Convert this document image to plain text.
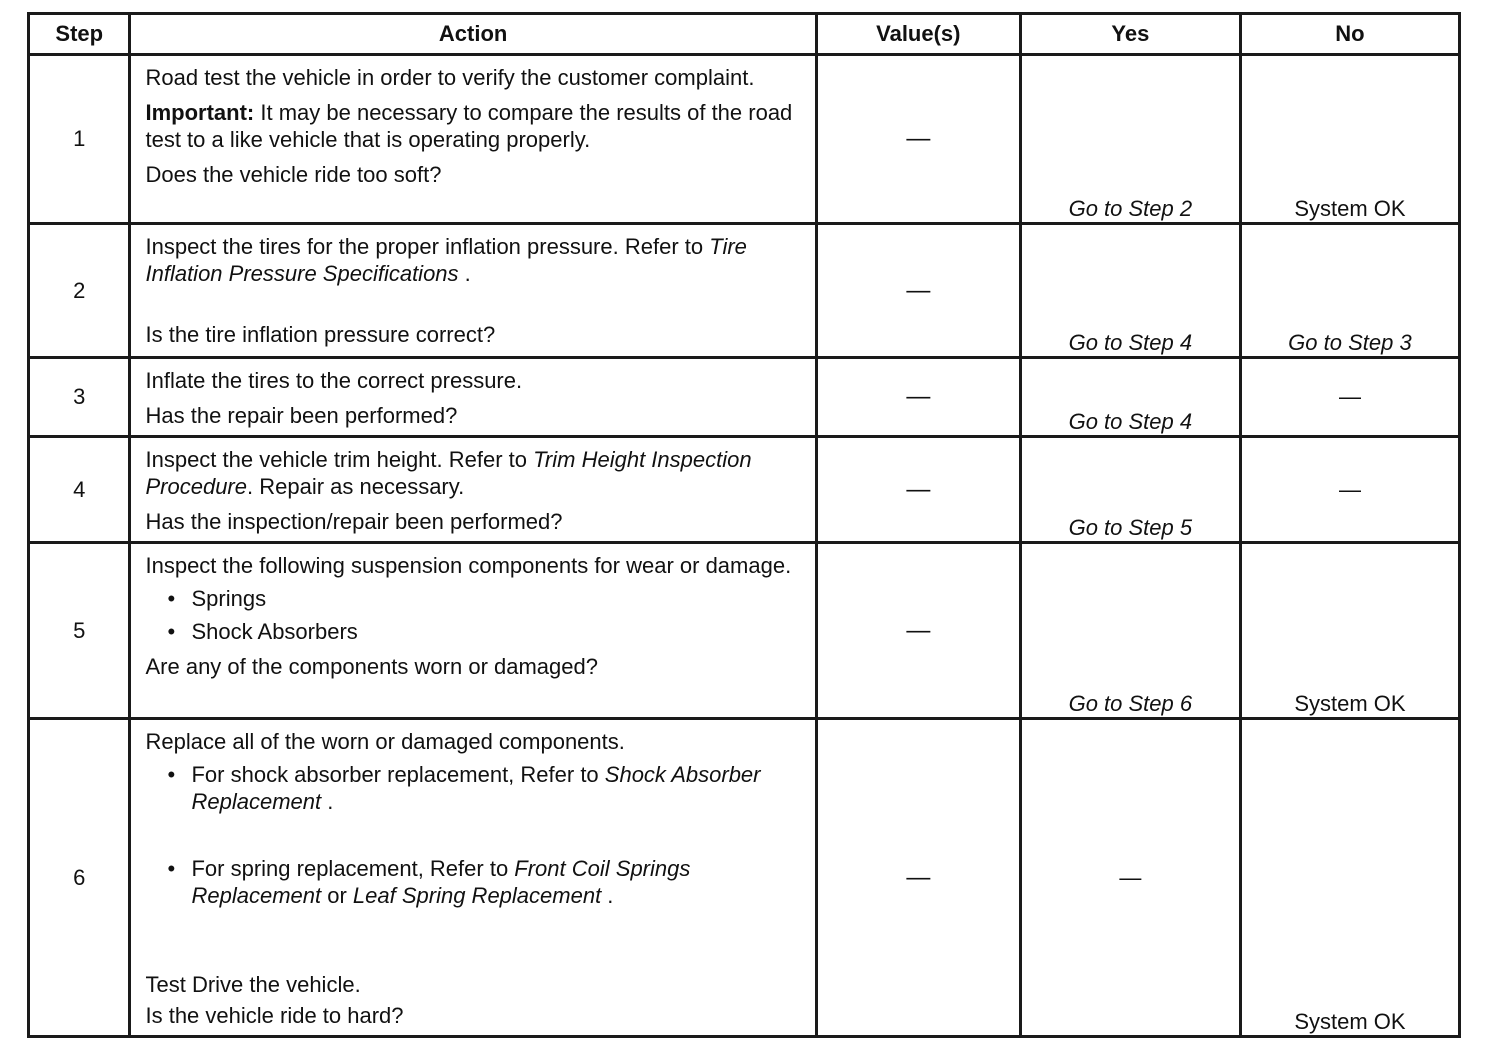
Step	Action	Value(s)	Yes	No
1	Road test the vehicle in order to verify the customer complaint.

Important: It may be necessary to compare the results of the road test to a like vehicle that is operating properly.

Does the vehicle ride too soft?	—	Go to Step 2	System OK
2	Inspect the tires for the proper inflation pressure. Refer to Tire Inflation Pressure Specifications .

Is the tire inflation pressure correct?	—	Go to Step 4	Go to Step 3
3	Inflate the tires to the correct pressure.

Has the repair been performed?	—	Go to Step 4	—
4	Inspect the vehicle trim height. Refer to Trim Height Inspection Procedure. Repair as necessary.

Has the inspection/repair been performed?	—	Go to Step 5	—
5	Inspect the following suspension components for wear or damage.

• Springs

• Shock Absorbers

Are any of the components worn or damaged?	—	Go to Step 6	System OK
6	Replace all of the worn or damaged components.

• For shock absorber replacement, Refer to Shock Absorber Replacement .

• For spring replacement, Refer to Front Coil Springs Replacement or Leaf Spring Replacement .

Test Drive the vehicle.

Is the vehicle ride to hard?	—	—	System OK
